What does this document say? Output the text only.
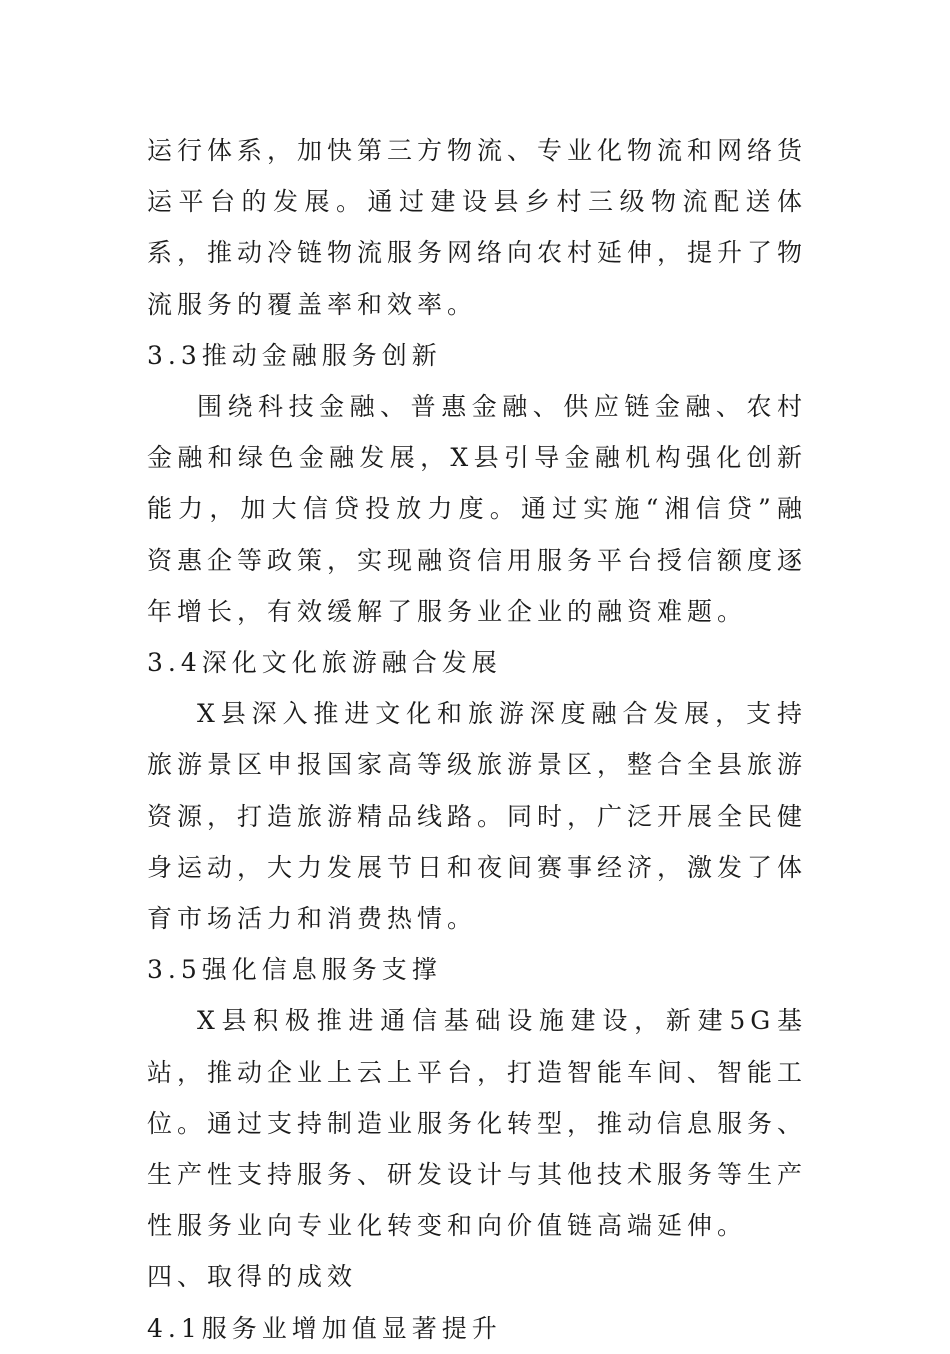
运行体系，加快第三方物流、专业化物流和网络货运平台的发展。通过建设县乡村三级物流配送体系，推动冷链物流服务网络向农村延伸，提升了物流服务的覆盖率和效率。

3.3推动金融服务创新

围绕科技金融、普惠金融、供应链金融、农村金融和绿色金融发展，X县引导金融机构强化创新能力，加大信贷投放力度。通过实施“湘信贷”融资惠企等政策，实现融资信用服务平台授信额度逐年增长，有效缓解了服务业企业的融资难题。

3.4深化文化旅游融合发展

X县深入推进文化和旅游深度融合发展，支持旅游景区申报国家高等级旅游景区，整合全县旅游资源，打造旅游精品线路。同时，广泛开展全民健身运动，大力发展节日和夜间赛事经济，激发了体育市场活力和消费热情。

3.5强化信息服务支撑

X县积极推进通信基础设施建设，新建5G基站，推动企业上云上平台，打造智能车间、智能工位。通过支持制造业服务化转型，推动信息服务、生产性支持服务、研发设计与其他技术服务等生产性服务业向专业化转变和向价值链高端延伸。

四、取得的成效

4.1服务业增加值显著提升
